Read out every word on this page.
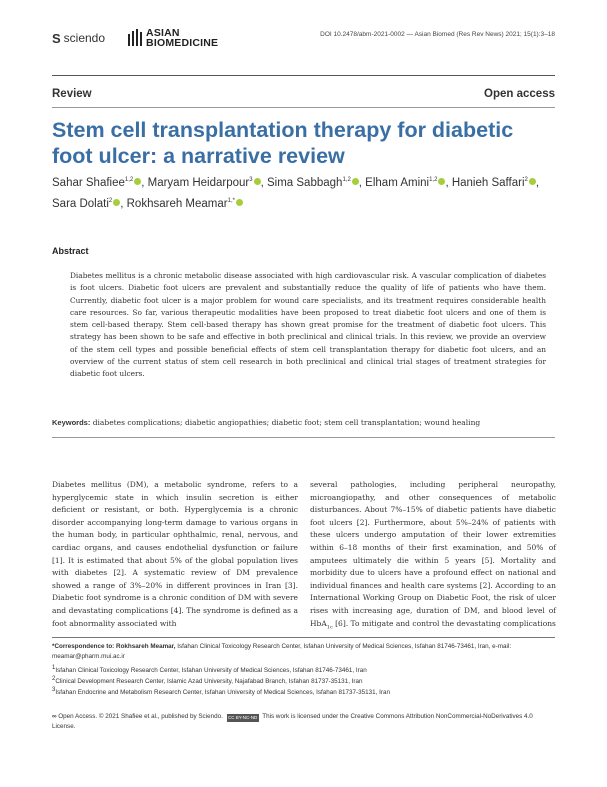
S sciendo	ASIAN
BIOMEDICINE
DOI 10.2478/abm-2021-0002 — Asian Biomed (Res Rev News) 2021; 15(1):3–18
Review	Open access
Stem cell transplantation therapy for diabetic foot ulcer: a narrative review
Sahar Shafiee$^{1,2}$ , Maryam Heidarpour$^3$ , Sima Sabbagh$^{1,2}$ , Elham Amini$^{1,2}$ , Hanieh Saffari$^2$ , Sara Dolati$^2$ , Rokhsareh Meamar$^{1,*}$
Abstract
Diabetes mellitus is a chronic metabolic disease associated with high cardiovascular risk. A vascular complication of diabetes is foot ulcers. Diabetic foot ulcers are prevalent and substantially reduce the quality of life of patients who have them. Currently, diabetic foot ulcer is a major problem for wound care specialists, and its treatment requires considerable health care resources. So far, various therapeutic modalities have been proposed to treat diabetic foot ulcers and one of them is stem cell-based therapy. Stem cell-based therapy has shown great promise for the treatment of diabetic foot ulcers. This strategy has been shown to be safe and effective in both preclinical and clinical trials. In this review, we provide an overview of the stem cell types and possible beneficial effects of stem cell transplantation therapy for diabetic foot ulcers, and an overview of the current status of stem cell research in both preclinical and clinical trial stages of treatment strategies for diabetic foot ulcers.
Keywords: diabetes complications; diabetic angiopathies; diabetic foot; stem cell transplantation; wound healing
Diabetes mellitus (DM), a metabolic syndrome, refers to a hyperglycemic state in which insulin secretion is either deficient or resistant, or both. Hyperglycemia is a chronic disorder accompanying long-term damage to various organs in the human body, in particular ophthalmic, renal, nervous, and cardiac organs, and causes endothelial dysfunction or failure [1]. It is estimated that about 5% of the global population lives with diabetes [2]. A systematic review of DM prevalence showed a range of 3%–20% in different provinces in Iran [3]. Diabetic foot syndrome is a chronic condition of DM with severe and devastating complications [4]. The syndrome is defined as a foot abnormality associated with
several pathologies, including peripheral neuropathy, microangiopathy, and other consequences of metabolic disturbances. About 7%–15% of diabetic patients have diabetic foot ulcers [2]. Furthermore, about 5%–24% of patients with these ulcers undergo amputation of their lower extremities within 6–18 months of their first examination, and 50% of amputees ultimately die within 5 years [5]. Mortality and morbidity due to ulcers have a profound effect on national and individual finances and health care systems [2]. According to an International Working Group on Diabetic Foot, the risk of ulcer rises with increasing age, duration of DM, and blood level of HbA$_{1c}$ [6]. To mitigate and control the devastating complications
*Correspondence to: Rokhsareh Meamar, Isfahan Clinical Toxicology Research Center, Isfahan University of Medical Sciences, Isfahan 81746-73461, Iran, e-mail: meamar@pharm.mui.ac.ir
$^1$Isfahan Clinical Toxicology Research Center, Isfahan University of Medical Sciences, Isfahan 81746-73461, Iran
$^2$Clinical Development Research Center, Islamic Azad University, Najafabad Branch, Isfahan 81737-35131, Iran
$^3$Isfahan Endocrine and Metabolism Research Center, Isfahan University of Medical Sciences, Isfahan 81737-35131, Iran
∞ Open Access. © 2021 Shafiee et al., published by Sciendo. CC BY-NC-ND This work is licensed under the Creative Commons Attribution NonCommercial-NoDerivatives 4.0 License.
